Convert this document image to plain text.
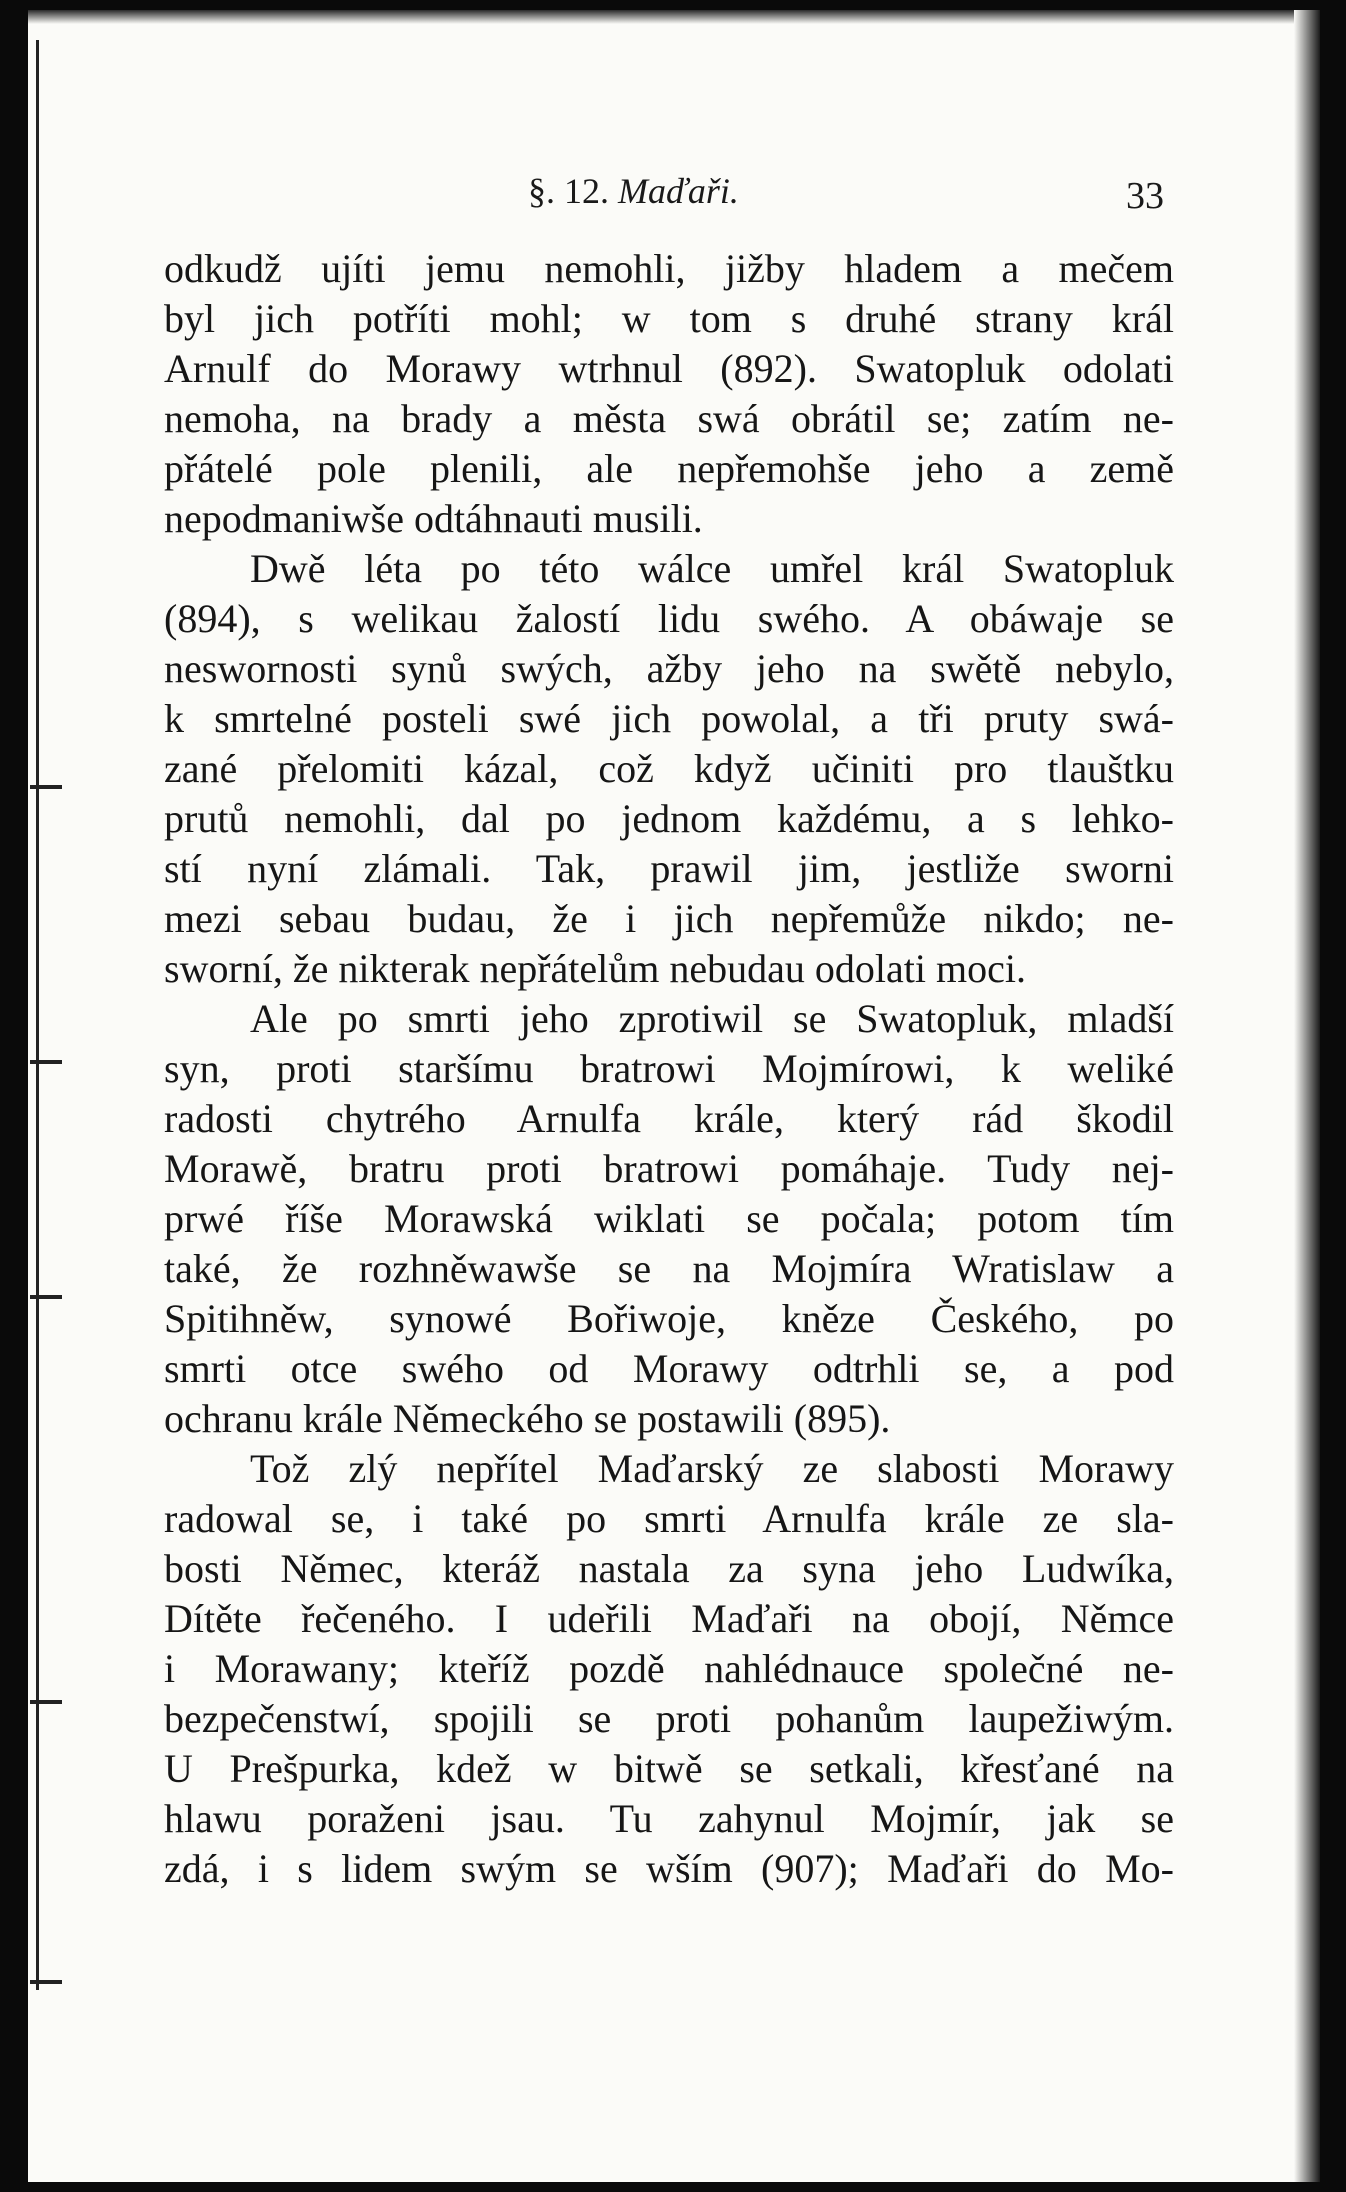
§. 12. Maďaři.	33
odkudž ujíti jemu nemohli, jižby hladem a mečem
byl jich potříti mohl; w tom s druhé strany král
Arnulf do Morawy wtrhnul (892). Swatopluk odolati
nemoha, na brady a města swá obrátil se; zatím ne-
přátelé pole plenili, ale nepřemohše jeho a země
nepodmaniwše odtáhnauti musili.
Dwě léta po této wálce umřel král Swatopluk
(894), s welikau žalostí lidu swého. A obáwaje se
neswornosti synů swých, ažby jeho na swětě nebylo,
k smrtelné posteli swé jich powolal, a tři pruty swá-
zané přelomiti kázal, což když učiniti pro tlauštku
prutů nemohli, dal po jednom každému, a s lehko-
stí nyní zlámali. Tak, prawil jim, jestliže sworni
mezi sebau budau, že i jich nepřemůže nikdo; ne-
sworní, že nikterak nepřátelům nebudau odolati moci.
Ale po smrti jeho zprotiwil se Swatopluk, mladší
syn, proti staršímu bratrowi Mojmírowi, k weliké
radosti chytrého Arnulfa krále, který rád škodil
Morawě, bratru proti bratrowi pomáhaje. Tudy nej-
prwé říše Morawská wiklati se počala; potom tím
také, že rozhněwawše se na Mojmíra Wratislaw a
Spitihněw, synowé Bořiwoje, kněze Českého, po
smrti otce swého od Morawy odtrhli se, a pod
ochranu krále Německého se postawili (895).
Tož zlý nepřítel Maďarský ze slabosti Morawy
radowal se, i také po smrti Arnulfa krále ze sla-
bosti Němec, kteráž nastala za syna jeho Ludwíka,
Dítěte řečeného. I udeřili Maďaři na obojí, Němce
i Morawany; kteříž pozdě nahlédnauce společné ne-
bezpečenstwí, spojili se proti pohanům laupežiwým.
U Prešpurka, kdež w bitwě se setkali, křesťané na
hlawu poraženi jsau. Tu zahynul Mojmír, jak se
zdá, i s lidem swým se wším (907); Maďaři do Mo-
